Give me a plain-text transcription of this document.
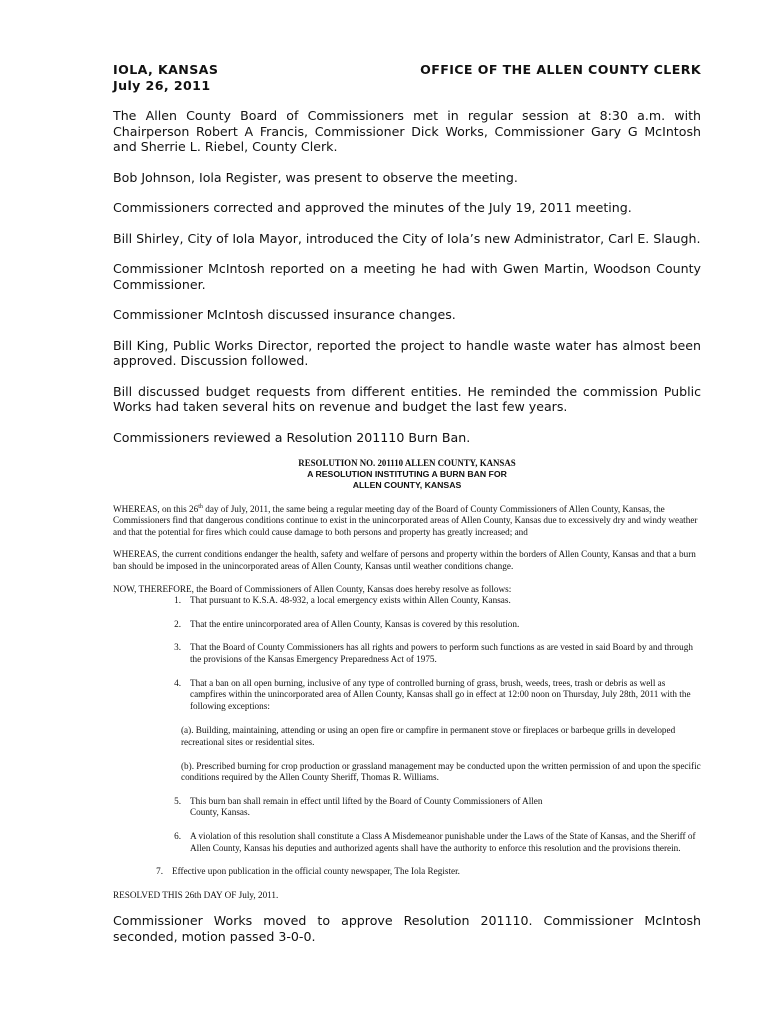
IOLA, KANSAS	OFFICE OF THE ALLEN COUNTY CLERK
July 26, 2011

The Allen County Board of Commissioners met in regular session at 8:30 a.m. with Chairperson Robert A Francis, Commissioner Dick Works, Commissioner Gary G McIntosh and Sherrie L. Riebel, County Clerk.

Bob Johnson, Iola Register, was present to observe the meeting.

Commissioners corrected and approved the minutes of the July 19, 2011 meeting.

Bill Shirley, City of Iola Mayor, introduced the City of Iola’s new Administrator, Carl E. Slaugh.

Commissioner McIntosh reported on a meeting he had with Gwen Martin, Woodson County Commissioner.

Commissioner McIntosh discussed insurance changes.

Bill King, Public Works Director, reported the project to handle waste water has almost been approved. Discussion followed.

Bill discussed budget requests from different entities. He reminded the commission Public Works had taken several hits on revenue and budget the last few years.

Commissioners reviewed a Resolution 201110 Burn Ban.

RESOLUTION NO. 201110 ALLEN COUNTY, KANSAS
A RESOLUTION INSTITUTING A BURN BAN FOR
ALLEN COUNTY, KANSAS

WHEREAS, on this 26th day of July, 2011, the same being a regular meeting day of the Board of County Commissioners of Allen County, Kansas, the Commissioners find that dangerous conditions continue to exist in the unincorporated areas of Allen County, Kansas due to excessively dry and windy weather and that the potential for fires which could cause damage to both persons and property has greatly increased; and

WHEREAS, the current conditions endanger the health, safety and welfare of persons and property within the borders of Allen County, Kansas and that a burn ban should be imposed in the unincorporated areas of Allen County, Kansas until weather conditions change.

NOW, THEREFORE, the Board of Commissioners of Allen County, Kansas does hereby resolve as follows:

1. That pursuant to K.S.A. 48-932, a local emergency exists within Allen County, Kansas.
2. That the entire unincorporated area of Allen County, Kansas is covered by this resolution.
3. That the Board of County Commissioners has all rights and powers to perform such functions as are vested in said Board by and through the provisions of the Kansas Emergency Preparedness Act of 1975.
4. That a ban on all open burning, inclusive of any type of controlled burning of grass, brush, weeds, trees, trash or debris as well as campfires within the unincorporated area of Allen County, Kansas shall go in effect at 12:00 noon on Thursday, July 28th, 2011 with the following exceptions:

(a). Building, maintaining, attending or using an open fire or campfire in permanent stove or fireplaces or barbeque grills in developed recreational sites or residential sites.

(b). Prescribed burning for crop production or grassland management may be conducted upon the written permission of and upon the specific conditions required by the Allen County Sheriff, Thomas R. Williams.

5. This burn ban shall remain in effect until lifted by the Board of County Commissioners of Allen County, Kansas.
6. A violation of this resolution shall constitute a Class A Misdemeanor punishable under the Laws of the State of Kansas, and the Sheriff of Allen County, Kansas his deputies and authorized agents shall have the authority to enforce this resolution and the provisions therein.
7. Effective upon publication in the official county newspaper, The Iola Register.

RESOLVED THIS 26th DAY OF July, 2011.

Commissioner Works moved to approve Resolution 201110. Commissioner McIntosh seconded, motion passed 3-0-0.
